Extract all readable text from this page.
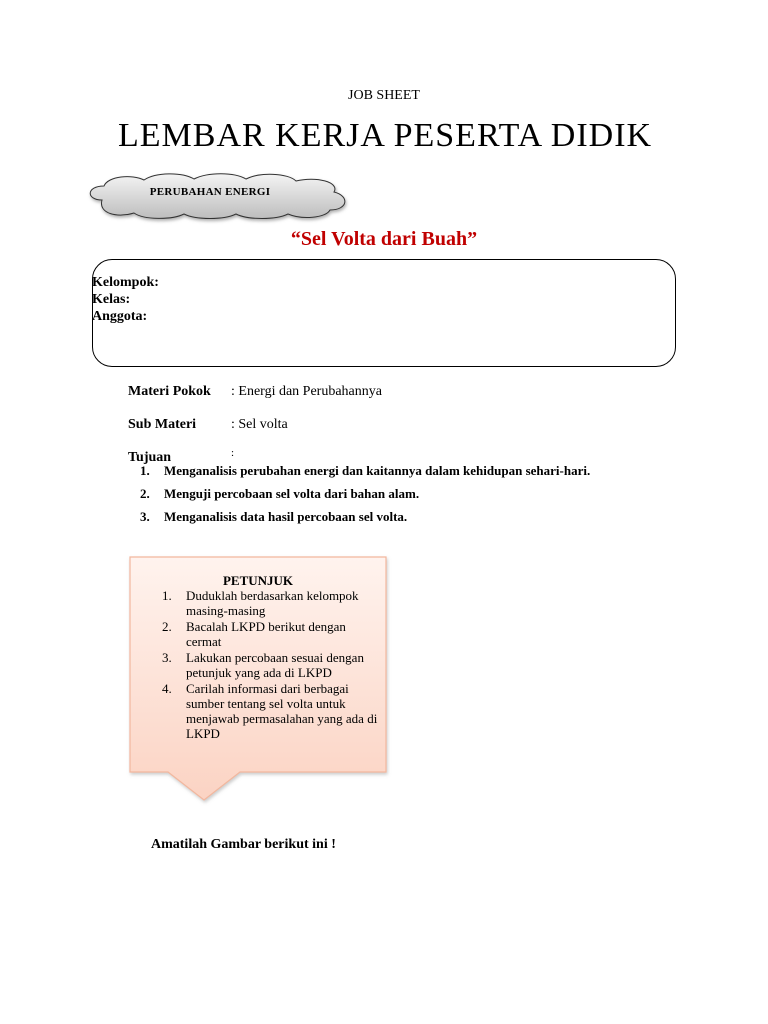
JOB SHEET
LEMBAR KERJA PESERTA DIDIK
PERUBAHAN ENERGI
“Sel Volta dari Buah”
Kelompok:
Kelas:
Anggota:
Materi Pokok : Energi dan Perubahannya
Sub Materi : Sel volta
Tujuan	:
1. Menganalisis perubahan energi dan kaitannya dalam kehidupan sehari-hari.
2. Menguji percobaan sel volta dari bahan alam.
3. Menganalisis data hasil percobaan sel volta.
PETUNJUK
1. Duduklah berdasarkan kelompok masing-masing
2. Bacalah LKPD berikut dengan cermat
3. Lakukan percobaan sesuai dengan petunjuk yang ada di LKPD
4. Carilah informasi dari berbagai sumber tentang sel volta untuk menjawab permasalahan yang ada di LKPD
Amatilah Gambar berikut ini !
